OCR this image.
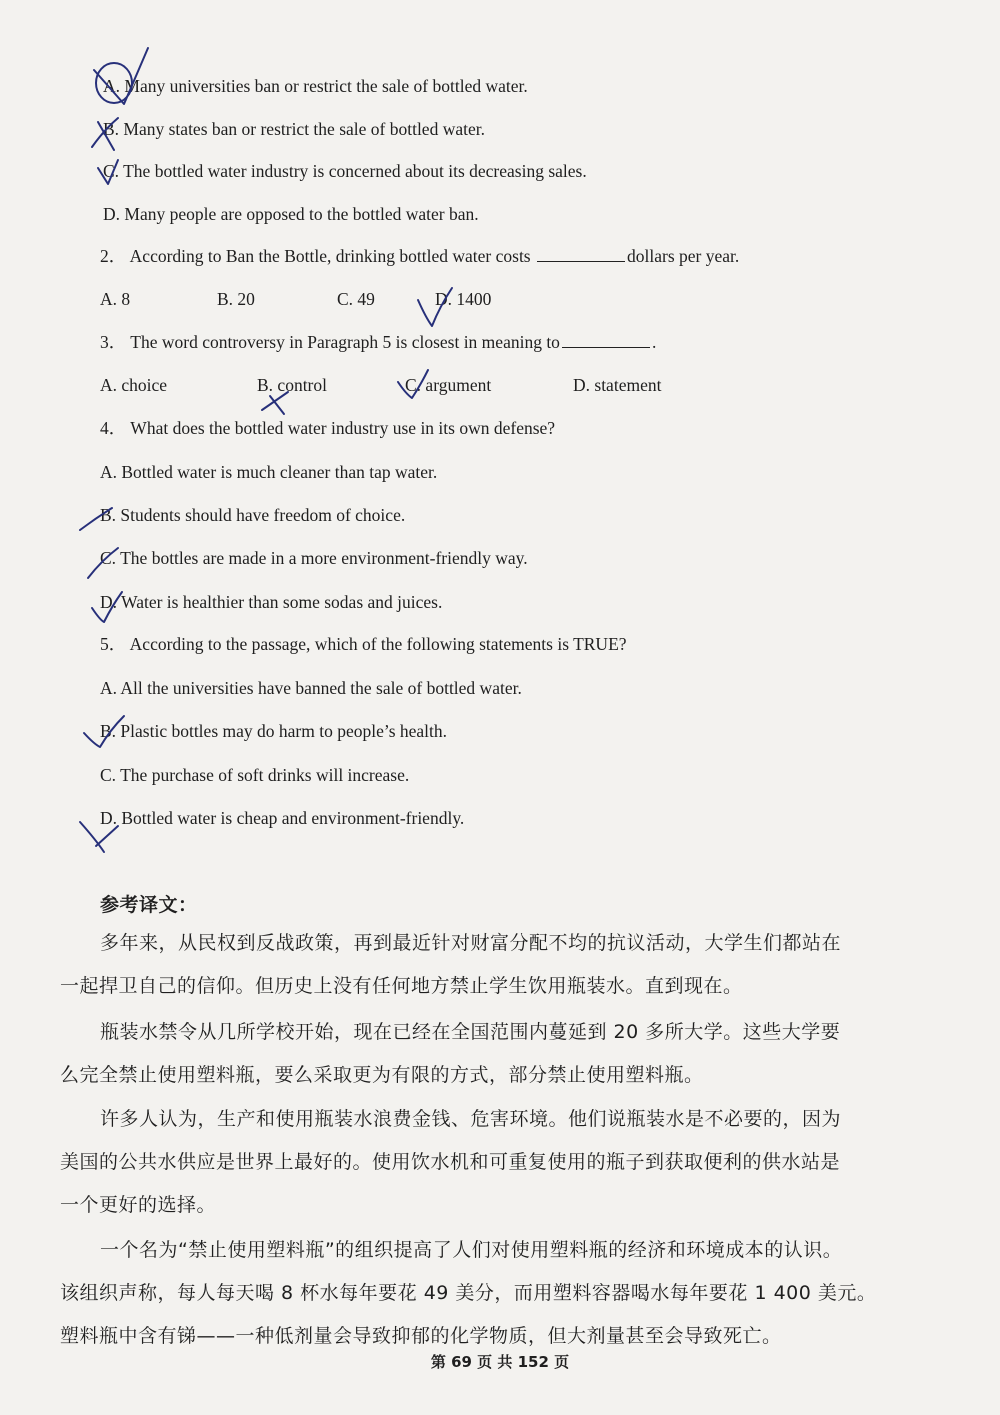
A. Many universities ban or restrict the sale of bottled water.
B. Many states ban or restrict the sale of bottled water.
C. The bottled water industry is concerned about its decreasing sales.
D. Many people are opposed to the bottled water ban.
2． According to Ban the Bottle, drinking bottled water costs	dollars per year.
A. 8	B. 20	C. 49	D. 1400
3． The word controversy in Paragraph 5 is closest in meaning to	.
A. choice	B. control	C. argument	D. statement
4． What does the bottled water industry use in its own defense?
A. Bottled water is much cleaner than tap water.
B. Students should have freedom of choice.
C. The bottles are made in a more environment-friendly way.
D. Water is healthier than some sodas and juices.
5． According to the passage, which of the following statements is TRUE?
A. All the universities have banned the sale of bottled water.
B. Plastic bottles may do harm to people’s health.
C. The purchase of soft drinks will increase.
D. Bottled water is cheap and environment-friendly.
参考译文：
多年来，从民权到反战政策，再到最近针对财富分配不均的抗议活动，大学生们都站在
一起捍卫自己的信仰。但历史上没有任何地方禁止学生饮用瓶装水。直到现在。
瓶装水禁令从几所学校开始，现在已经在全国范围内蔓延到 20 多所大学。这些大学要
么完全禁止使用塑料瓶，要么采取更为有限的方式，部分禁止使用塑料瓶。
许多人认为，生产和使用瓶装水浪费金钱、危害环境。他们说瓶装水是不必要的，因为
美国的公共水供应是世界上最好的。使用饮水机和可重复使用的瓶子到获取便利的供水站是
一个更好的选择。
一个名为“禁止使用塑料瓶”的组织提高了人们对使用塑料瓶的经济和环境成本的认识。
该组织声称，每人每天喝 8 杯水每年要花 49 美分，而用塑料容器喝水每年要花 1 400 美元。
塑料瓶中含有锑——一种低剂量会导致抑郁的化学物质，但大剂量甚至会导致死亡。
第 69 页 共 152 页
